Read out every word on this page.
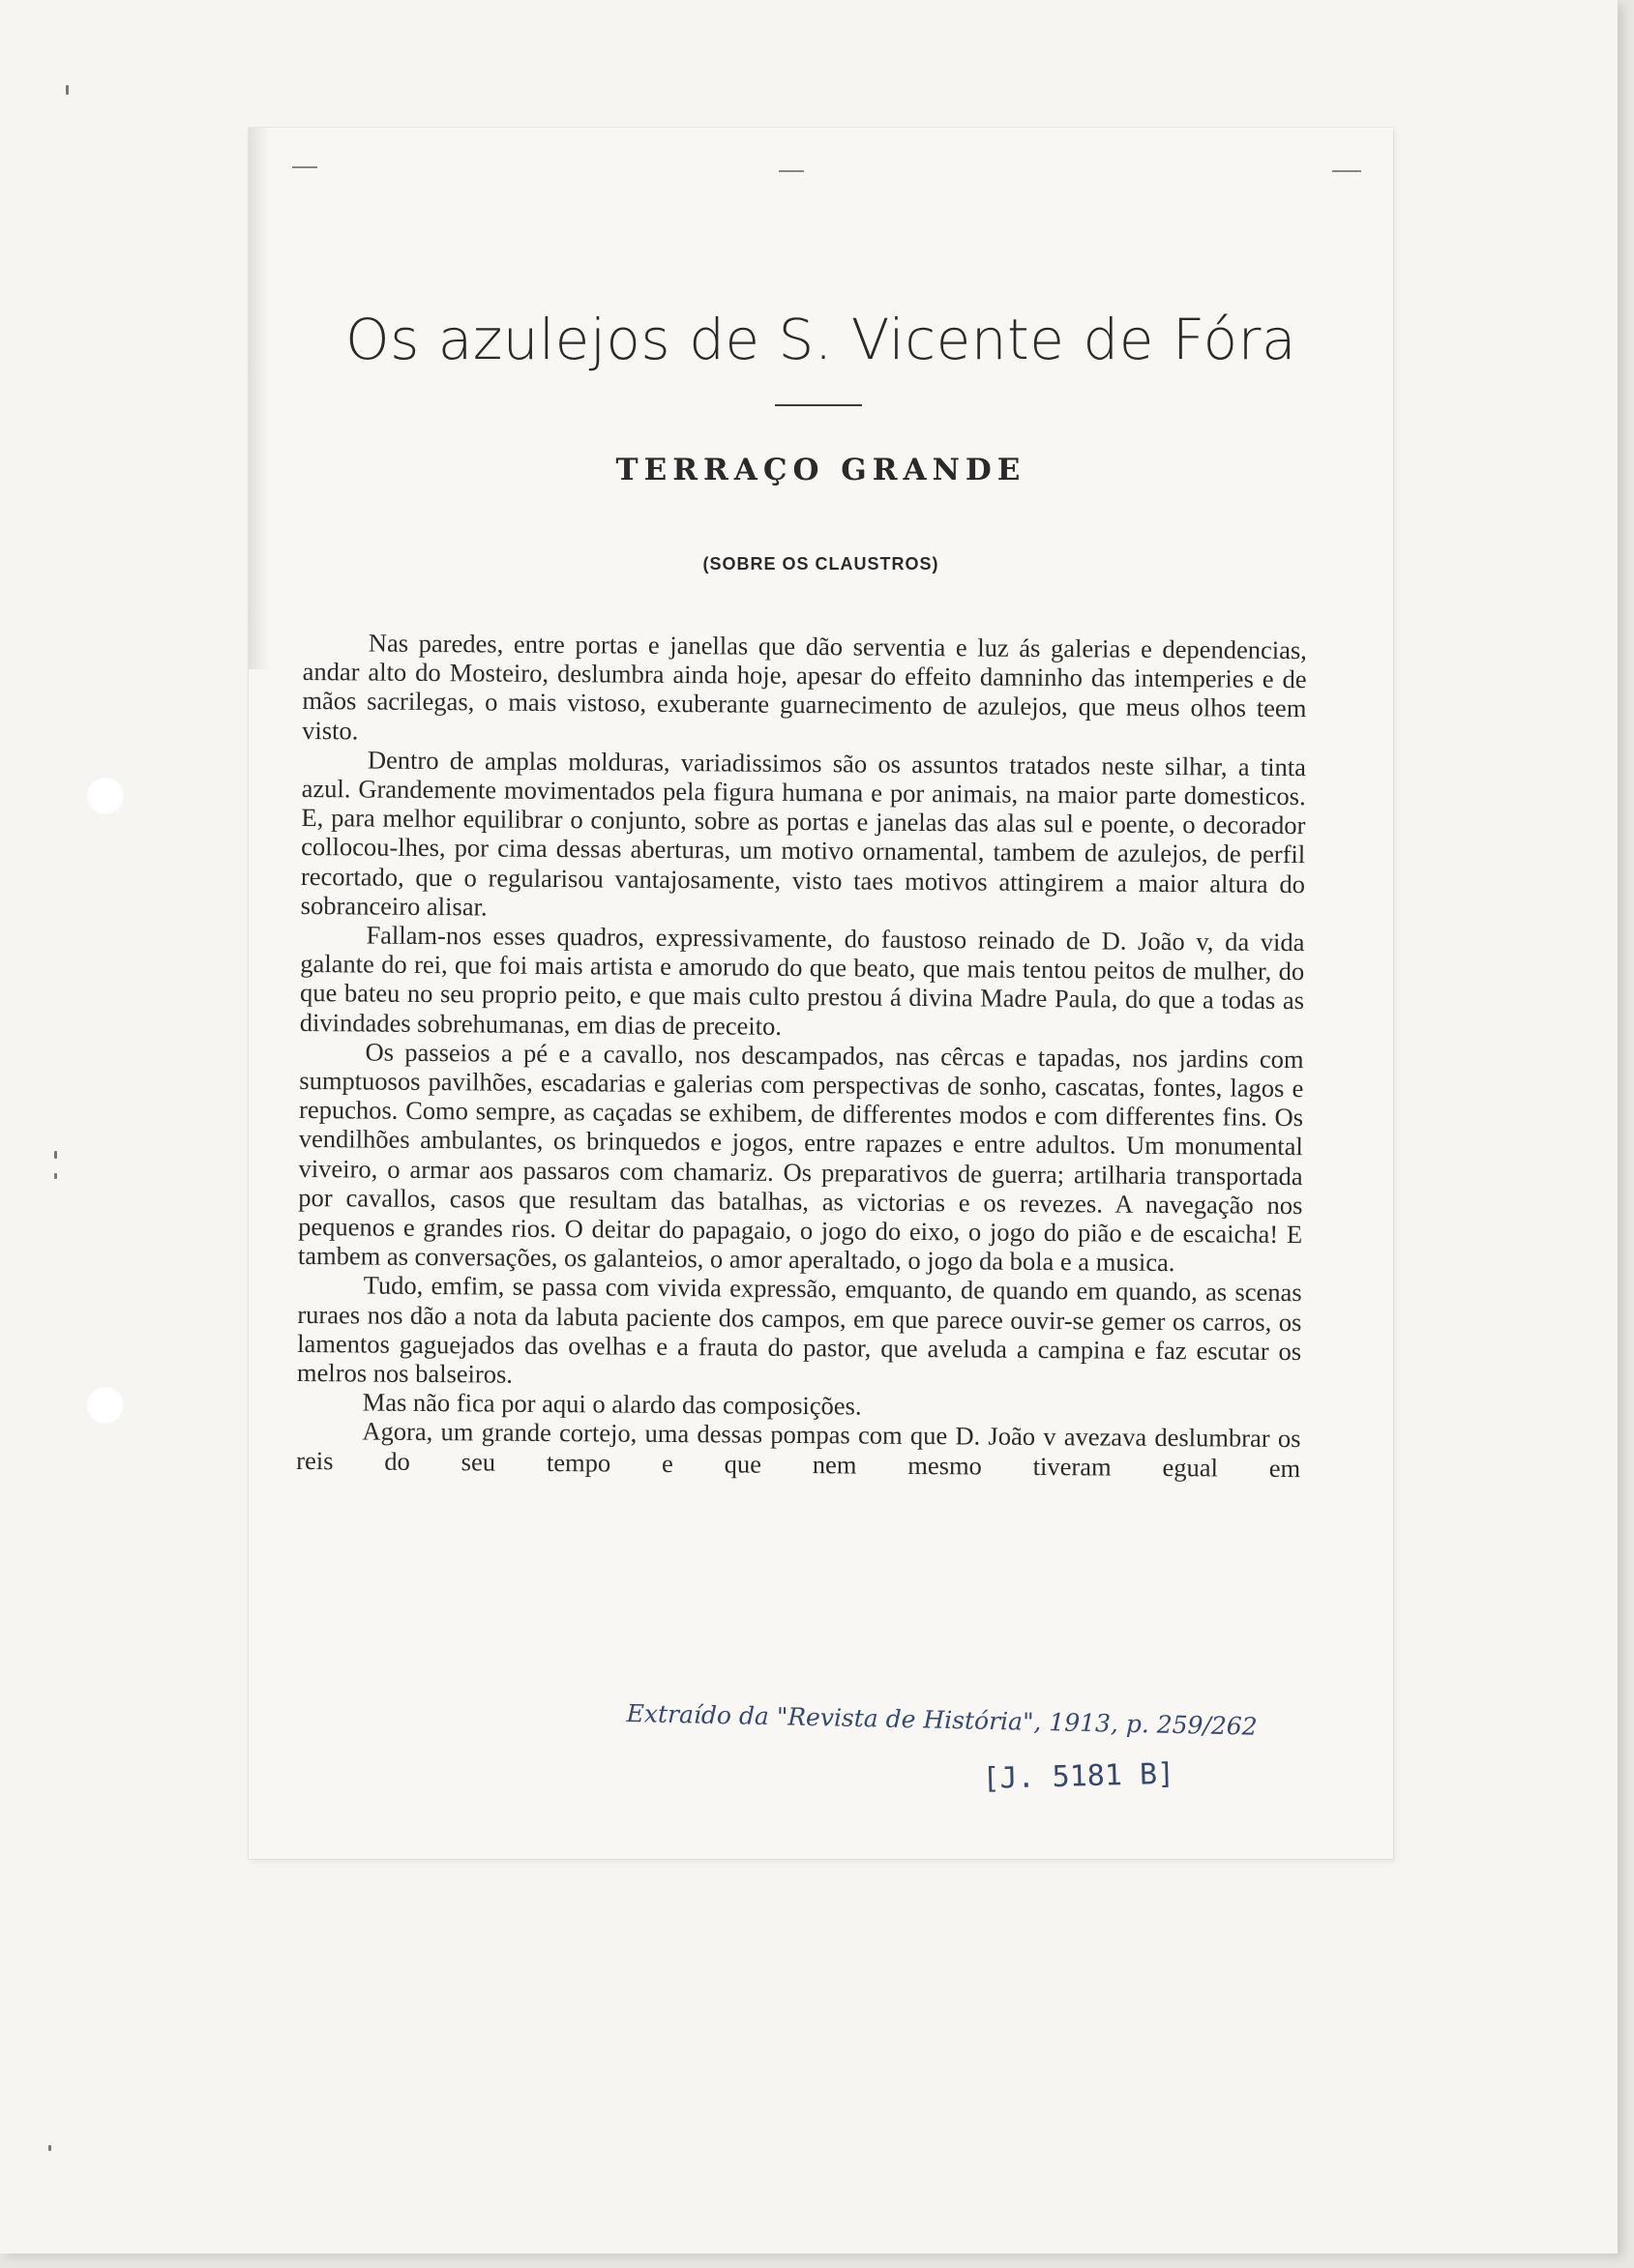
Os azulejos de S. Vicente de Fóra
TERRAÇO GRANDE
(SOBRE OS CLAUSTROS)

Nas paredes, entre portas e janellas que dão serventia e luz ás galerias e dependencias, andar alto do Mosteiro, deslumbra ainda hoje, apesar do effeito damninho das intemperies e de mãos sacrilegas, o mais vistoso, exuberante guarnecimento de azulejos, que meus olhos teem visto.

Dentro de amplas molduras, variadissimos são os assuntos tratados neste silhar, a tinta azul. Grandemente movimentados pela figura humana e por animais, na maior parte domesticos. E, para melhor equilibrar o conjunto, sobre as portas e janelas das alas sul e poente, o decorador collocou-lhes, por cima dessas aberturas, um motivo ornamental, tambem de azulejos, de perfil recortado, que o regularisou vantajosamente, visto taes motivos attingirem a maior altura do sobranceiro alisar.

Fallam-nos esses quadros, expressivamente, do faustoso reinado de D. João v, da vida galante do rei, que foi mais artista e amorudo do que beato, que mais tentou peitos de mulher, do que bateu no seu proprio peito, e que mais culto prestou á divina Madre Paula, do que a todas as divindades sobrehumanas, em dias de preceito.

Os passeios a pé e a cavallo, nos descampados, nas cêrcas e tapadas, nos jardins com sumptuosos pavilhões, escadarias e galerias com perspectivas de sonho, cascatas, fontes, lagos e repuchos. Como sempre, as caçadas se exhibem, de differentes modos e com differentes fins. Os vendilhões ambulantes, os brinquedos e jogos, entre rapazes e entre adultos. Um monumental viveiro, o armar aos passaros com chamariz. Os preparativos de guerra; artilharia transportada por cavallos, casos que resultam das batalhas, as victorias e os revezes. A navegação nos pequenos e grandes rios. O deitar do papagaio, o jogo do eixo, o jogo do pião e de escaicha! E tambem as conversações, os galanteios, o amor aperaltado, o jogo da bola e a musica.

Tudo, emfim, se passa com vivida expressão, emquanto, de quando em quando, as scenas ruraes nos dão a nota da labuta paciente dos campos, em que parece ouvir-se gemer os carros, os lamentos gaguejados das ovelhas e a frauta do pastor, que aveluda a campina e faz escutar os melros nos balseiros.

Mas não fica por aqui o alardo das composições.

Agora, um grande cortejo, uma dessas pompas com que D. João v avezava deslumbrar os reis do seu tempo e que nem mesmo tiveram egual em

Extraído da "Revista de História", 1913, p. 259/262
[J. 5181 B]
